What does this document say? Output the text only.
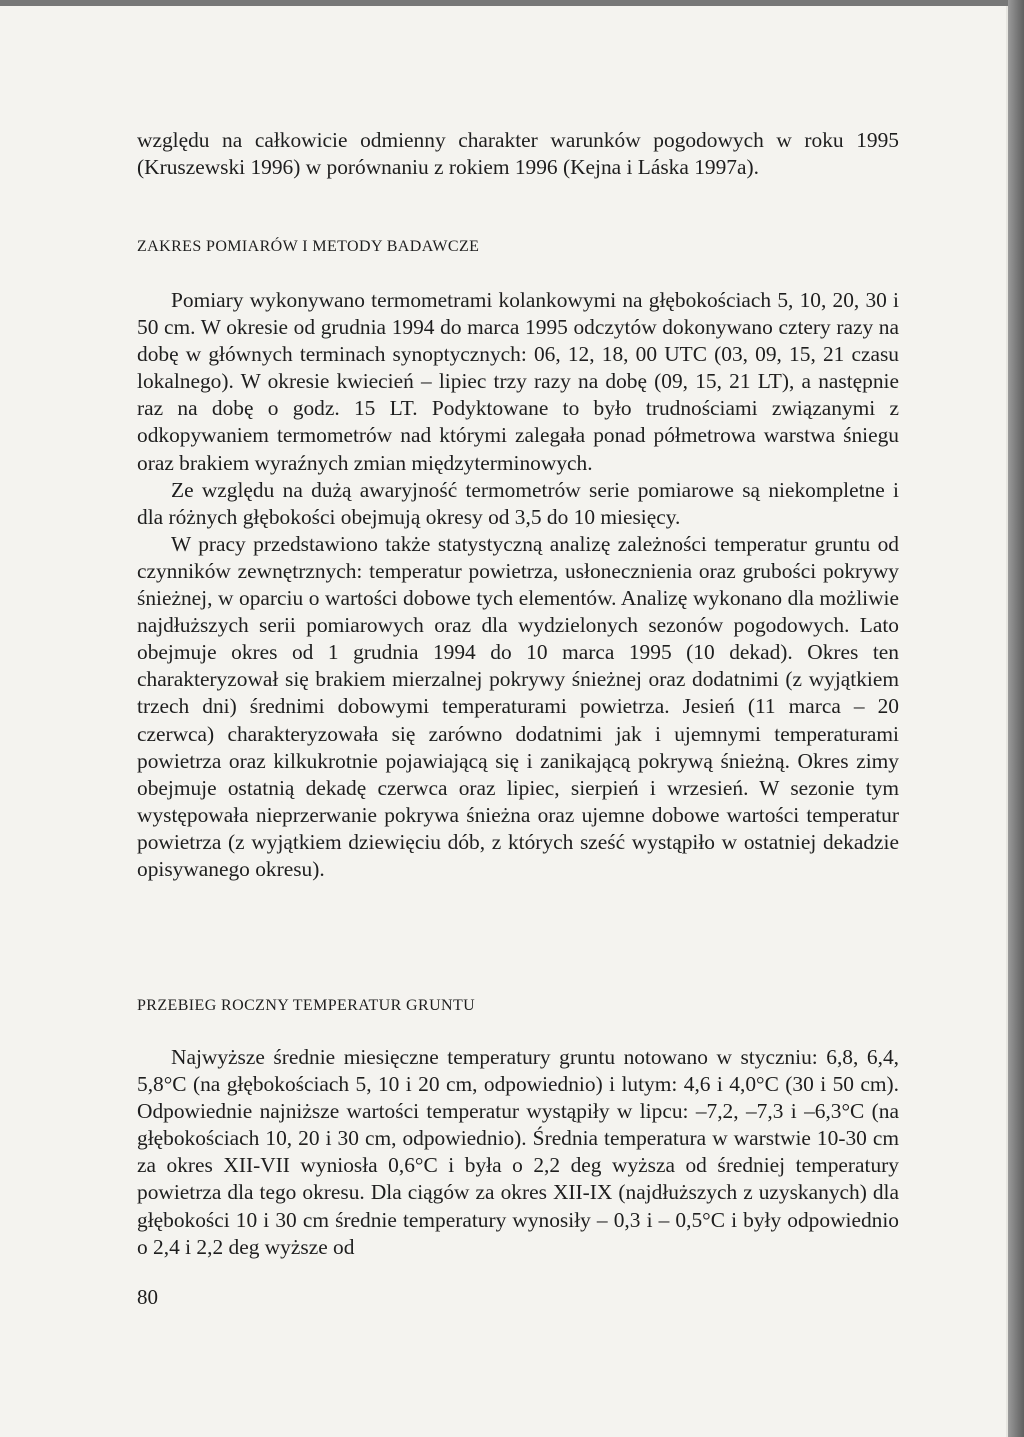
względu na całkowicie odmienny charakter warunków pogodowych w roku 1995 (Kruszewski 1996) w porównaniu z rokiem 1996 (Kejna i Láska 1997a).

ZAKRES POMIARÓW I METODY BADAWCZE

Pomiary wykonywano termometrami kolankowymi na głębokościach 5, 10, 20, 30 i 50 cm. W okresie od grudnia 1994 do marca 1995 odczytów dokonywano cztery razy na dobę w głównych terminach synoptycznych: 06, 12, 18, 00 UTC (03, 09, 15, 21 czasu lokalnego). W okresie kwiecień – lipiec trzy razy na dobę (09, 15, 21 LT), a następnie raz na dobę o godz. 15 LT. Podyktowane to było trudnościami związanymi z odkopywaniem termometrów nad którymi zalegała ponad półmetrowa warstwa śniegu oraz brakiem wyraźnych zmian międzyterminowych.

Ze względu na dużą awaryjność termometrów serie pomiarowe są niekompletne i dla różnych głębokości obejmują okresy od 3,5 do 10 miesięcy.

W pracy przedstawiono także statystyczną analizę zależności temperatur gruntu od czynników zewnętrznych: temperatur powietrza, usłonecznienia oraz grubości pokrywy śnieżnej, w oparciu o wartości dobowe tych elementów. Analizę wykonano dla możliwie najdłuższych serii pomiarowych oraz dla wydzielonych sezonów pogodowych. Lato obejmuje okres od 1 grudnia 1994 do 10 marca 1995 (10 dekad). Okres ten charakteryzował się brakiem mierzalnej pokrywy śnieżnej oraz dodatnimi (z wyjątkiem trzech dni) średnimi dobowymi temperaturami powietrza. Jesień (11 marca – 20 czerwca) charakteryzowała się zarówno dodatnimi jak i ujemnymi temperaturami powietrza oraz kilkukrotnie pojawiającą się i zanikającą pokrywą śnieżną. Okres zimy obejmuje ostatnią dekadę czerwca oraz lipiec, sierpień i wrzesień. W sezonie tym występowała nieprzerwanie pokrywa śnieżna oraz ujemne dobowe wartości temperatur powietrza (z wyjątkiem dziewięciu dób, z których sześć wystąpiło w ostatniej dekadzie opisywanego okresu).

PRZEBIEG ROCZNY TEMPERATUR GRUNTU

Najwyższe średnie miesięczne temperatury gruntu notowano w styczniu: 6,8, 6,4, 5,8°C (na głębokościach 5, 10 i 20 cm, odpowiednio) i lutym: 4,6 i 4,0°C (30 i 50 cm). Odpowiednie najniższe wartości temperatur wystąpiły w lipcu: –7,2, –7,3 i –6,3°C (na głębokościach 10, 20 i 30 cm, odpowiednio). Średnia temperatura w warstwie 10-30 cm za okres XII-VII wyniosła 0,6°C i była o 2,2 deg wyższa od średniej temperatury powietrza dla tego okresu. Dla ciągów za okres XII-IX (najdłuższych z uzyskanych) dla głębokości 10 i 30 cm średnie temperatury wynosiły – 0,3 i – 0,5°C i były odpowiednio o 2,4 i 2,2 deg wyższe od

80
